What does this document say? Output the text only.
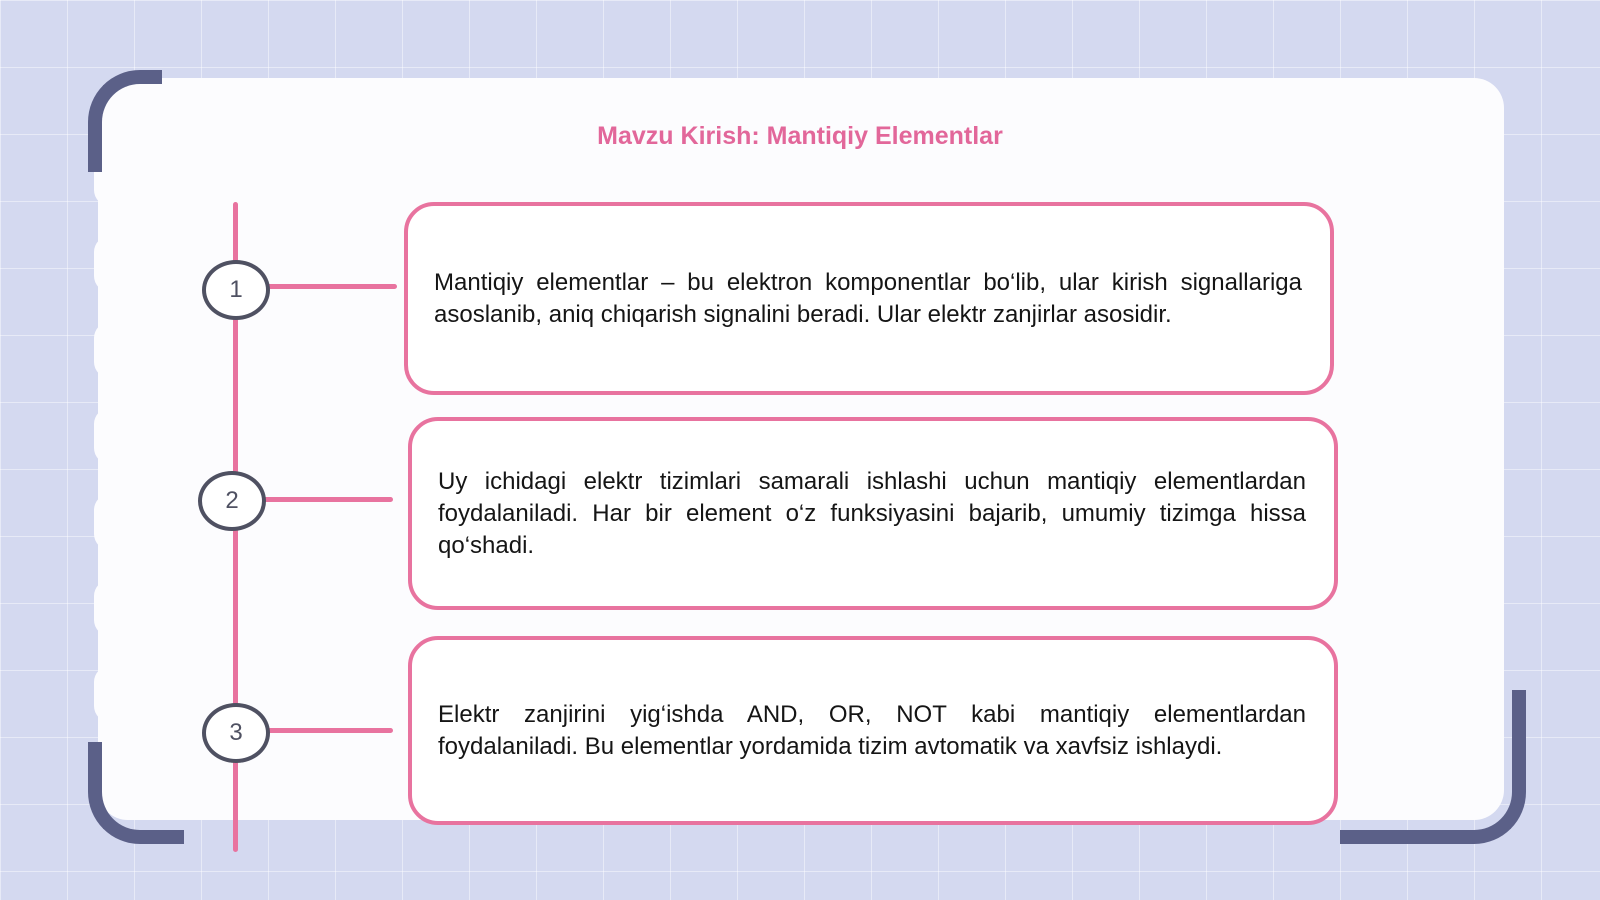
Mavzu Kirish: Mantiqiy Elementlar
1
2
3

Mantiqiy elementlar – bu elektron komponentlar bo‘lib, ular kirish signallariga asoslanib, aniq chiqarish signalini beradi. Ular elektr zanjirlar asosidir.

Uy ichidagi elektr tizimlari samarali ishlashi uchun mantiqiy elementlardan foydalaniladi. Har bir element o‘z funksiyasini bajarib, umumiy tizimga hissa qo‘shadi.

Elektr zanjirini yig‘ishda AND, OR, NOT kabi mantiqiy elementlardan foydalaniladi. Bu elementlar yordamida tizim avtomatik va xavfsiz ishlaydi.
